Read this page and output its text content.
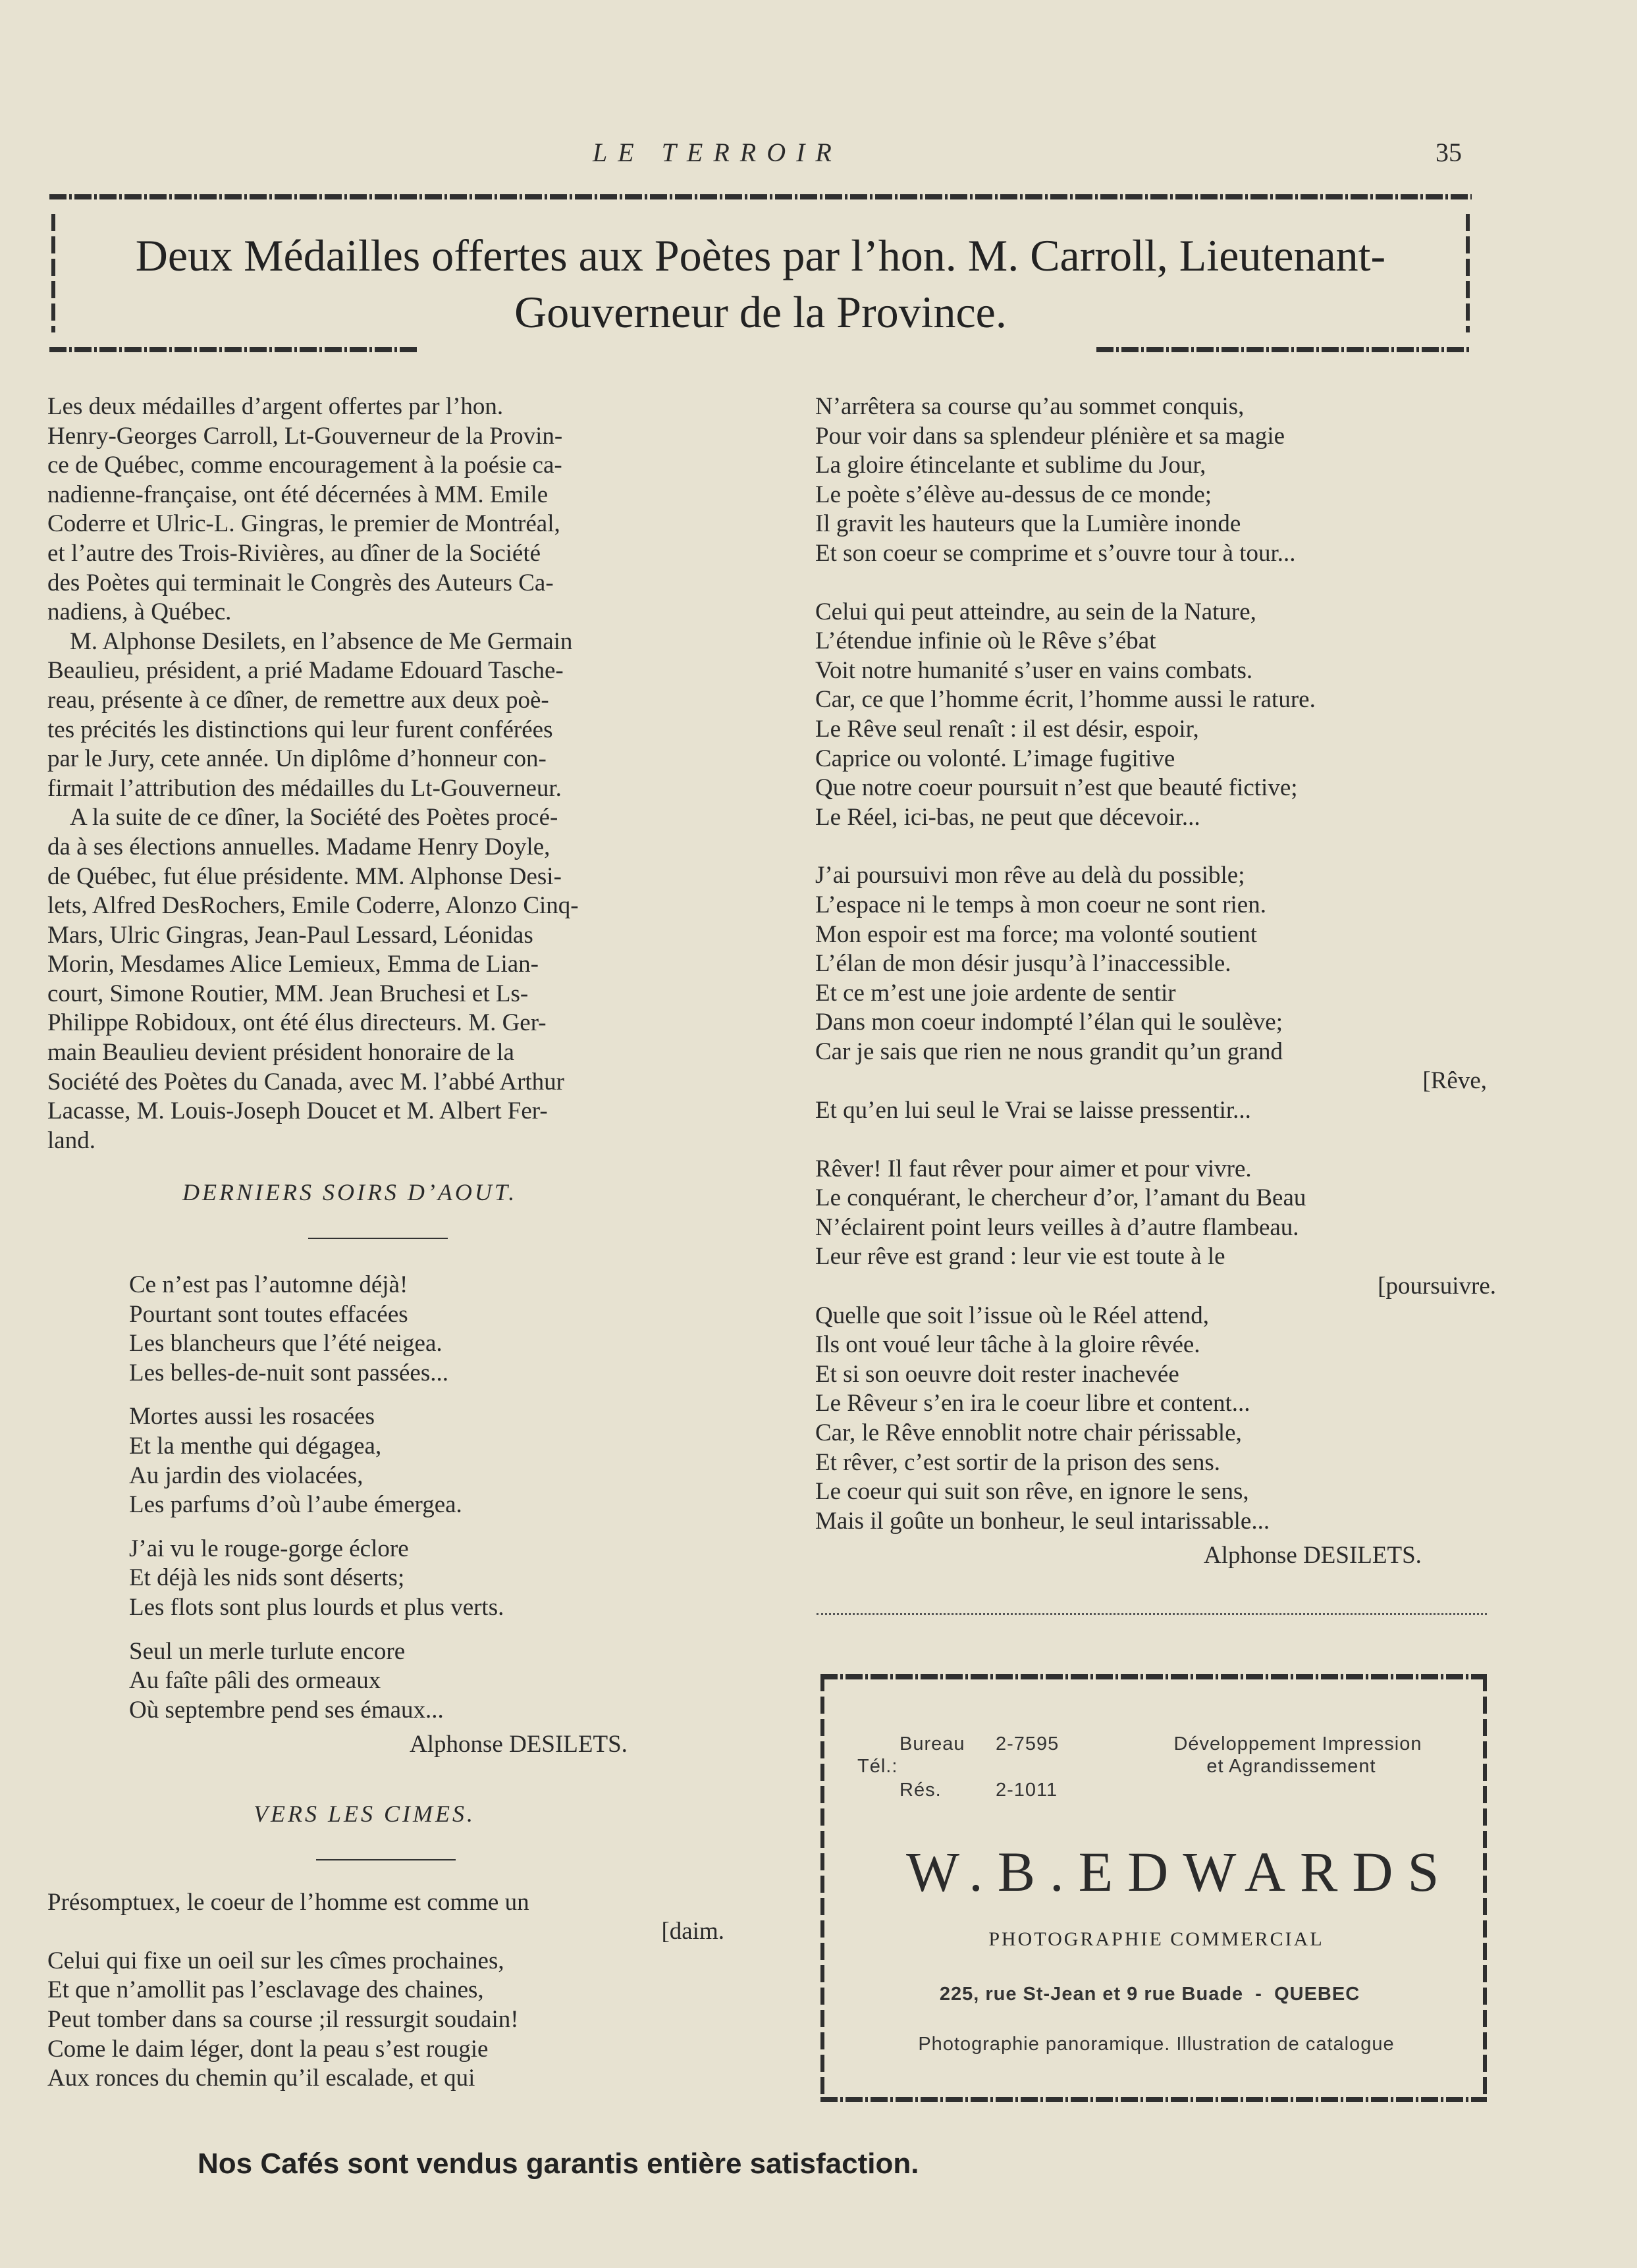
LE TERROIR	35
Deux Médailles offertes aux Poètes par l’hon. M. Carroll, Lieutenant-
Gouverneur de la Province.
Les deux médailles d’argent offertes par l’hon.
Henry-Georges Carroll, Lt-Gouverneur de la Provin-
ce de Québec, comme encouragement à la poésie ca-
nadienne-française, ont été décernées à MM. Emile
Coderre et Ulric-L. Gingras, le premier de Montréal,
et l’autre des Trois-Rivières, au dîner de la Société
des Poètes qui terminait le Congrès des Auteurs Ca-
nadiens, à Québec.
M. Alphonse Desilets, en l’absence de Me Germain
Beaulieu, président, a prié Madame Edouard Tasche-
reau, présente à ce dîner, de remettre aux deux poè-
tes précités les distinctions qui leur furent conférées
par le Jury, cete année. Un diplôme d’honneur con-
firmait l’attribution des médailles du Lt-Gouverneur.
A la suite de ce dîner, la Société des Poètes procé-
da à ses élections annuelles. Madame Henry Doyle,
de Québec, fut élue présidente. MM. Alphonse Desi-
lets, Alfred DesRochers, Emile Coderre, Alonzo Cinq-
Mars, Ulric Gingras, Jean-Paul Lessard, Léonidas
Morin, Mesdames Alice Lemieux, Emma de Lian-
court, Simone Routier, MM. Jean Bruchesi et Ls-
Philippe Robidoux, ont été élus directeurs. M. Ger-
main Beaulieu devient président honoraire de la
Société des Poètes du Canada, avec M. l’abbé Arthur
Lacasse, M. Louis-Joseph Doucet et M. Albert Fer-
land.
DERNIERS SOIRS D’AOUT.

Ce n’est pas l’automne déjà!

Pourtant sont toutes effacées

Les blancheurs que l’été neigea.

Les belles-de-nuit sont passées...

Mortes aussi les rosacées

Et la menthe qui dégagea,

Au jardin des violacées,

Les parfums d’où l’aube émergea.

J’ai vu le rouge-gorge éclore

Et déjà les nids sont déserts;

Les flots sont plus lourds et plus verts.

Seul un merle turlute encore

Au faîte pâli des ormeaux

Où septembre pend ses émaux...

Alphonse DESILETS.
VERS LES CIMES.

Présomptuex, le coeur de l’homme est comme un

[daim.

Celui qui fixe un oeil sur les cîmes prochaines,

Et que n’amollit pas l’esclavage des chaines,

Peut tomber dans sa course ;il ressurgit soudain!

Come le daim léger, dont la peau s’est rougie

Aux ronces du chemin qu’il escalade, et qui

N’arrêtera sa course qu’au sommet conquis,

Pour voir dans sa splendeur plénière et sa magie

La gloire étincelante et sublime du Jour,

Le poète s’élève au-dessus de ce monde;

Il gravit les hauteurs que la Lumière inonde

Et son coeur se comprime et s’ouvre tour à tour...

Celui qui peut atteindre, au sein de la Nature,

L’étendue infinie où le Rêve s’ébat

Voit notre humanité s’user en vains combats.

Car, ce que l’homme écrit, l’homme aussi le rature.

Le Rêve seul renaît : il est désir, espoir,

Caprice ou volonté. L’image fugitive

Que notre coeur poursuit n’est que beauté fictive;

Le Réel, ici-bas, ne peut que décevoir...

J’ai poursuivi mon rêve au delà du possible;

L’espace ni le temps à mon coeur ne sont rien.

Mon espoir est ma force; ma volonté soutient

L’élan de mon désir jusqu’à l’inaccessible.

Et ce m’est une joie ardente de sentir

Dans mon coeur indompté l’élan qui le soulève;

Car je sais que rien ne nous grandit qu’un grand

[Rêve,

Et qu’en lui seul le Vrai se laisse pressentir...

Rêver! Il faut rêver pour aimer et pour vivre.

Le conquérant, le chercheur d’or, l’amant du Beau

N’éclairent point leurs veilles à d’autre flambeau.

Leur rêve est grand : leur vie est toute à le

[poursuivre.

Quelle que soit l’issue où le Réel attend,

Ils ont voué leur tâche à la gloire rêvée.

Et si son oeuvre doit rester inachevée

Le Rêveur s’en ira le coeur libre et content...

Car, le Rêve ennoblit notre chair périssable,

Et rêver, c’est sortir de la prison des sens.

Le coeur qui suit son rêve, en ignore le sens,

Mais il goûte un bonheur, le seul intarissable...

Alphonse DESILETS.
Bureau 2-7595
Tél.:
Rés.	2-1011
Développement Impression
et Agrandissement
W.B.EDWARDS
PHOTOGRAPHIE COMMERCIAL
225, rue St-Jean et 9 rue Buade  -  QUEBEC
Photographie panoramique. Illustration de catalogue
Nos Cafés sont vendus garantis entière satisfaction.
